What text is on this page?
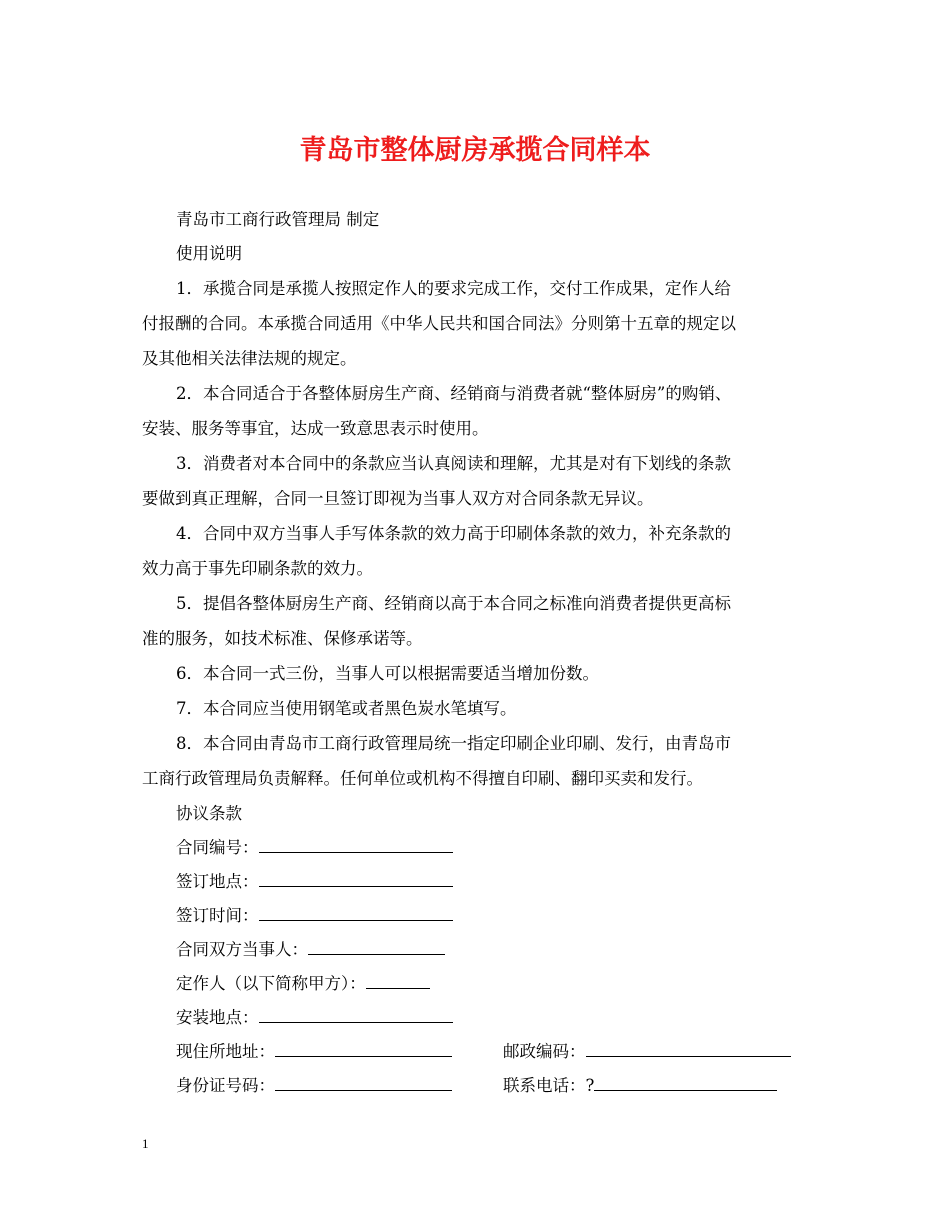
青岛市整体厨房承揽合同样本
青岛市工商行政管理局 制定
使用说明
1．承揽合同是承揽人按照定作人的要求完成工作，交付工作成果，定作人给
付报酬的合同。本承揽合同适用《中华人民共和国合同法》分则第十五章的规定以
及其他相关法律法规的规定。
2．本合同适合于各整体厨房生产商、经销商与消费者就“整体厨房”的购销、
安装、服务等事宜，达成一致意思表示时使用。
3．消费者对本合同中的条款应当认真阅读和理解，尤其是对有下划线的条款
要做到真正理解，合同一旦签订即视为当事人双方对合同条款无异议。
4．合同中双方当事人手写体条款的效力高于印刷体条款的效力，补充条款的
效力高于事先印刷条款的效力。
5．提倡各整体厨房生产商、经销商以高于本合同之标准向消费者提供更高标
准的服务，如技术标准、保修承诺等。
6．本合同一式三份，当事人可以根据需要适当增加份数。
7．本合同应当使用钢笔或者黑色炭水笔填写。
8．本合同由青岛市工商行政管理局统一指定印刷企业印刷、发行，由青岛市
工商行政管理局负责解释。任何单位或机构不得擅自印刷、翻印买卖和发行。
协议条款
合同编号：
签订地点：
签订时间：
合同双方当事人：
定作人（以下简称甲方）：
安装地点：
现住所地址：	邮政编码：
身份证号码：	联系电话：?
1
